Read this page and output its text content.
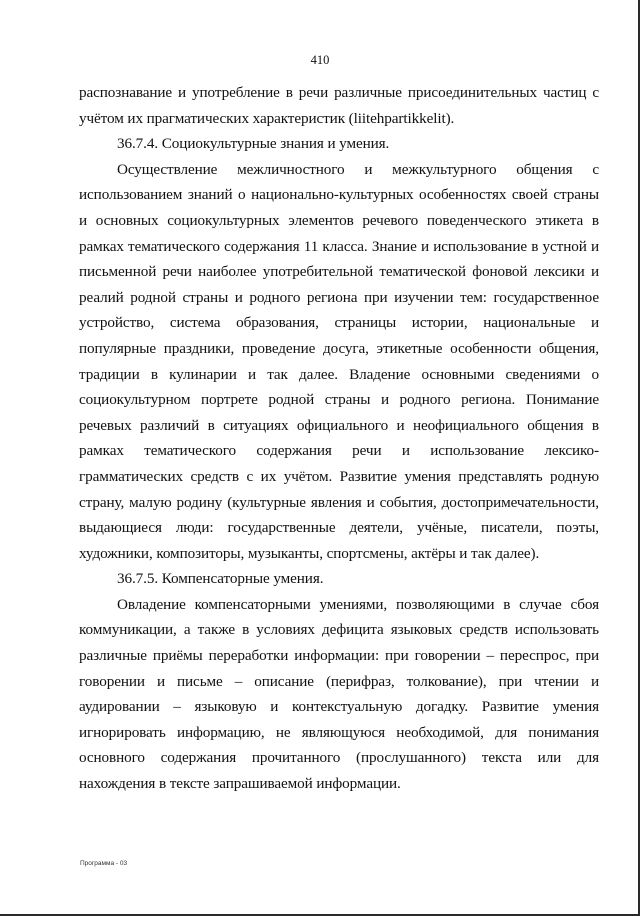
410

распознавание и употребление в речи различные присоединительных частиц с учётом их прагматических характеристик (liitehpartikkelit).

36.7.4. Социокультурные знания и умения.

Осуществление межличностного и межкультурного общения с использованием знаний о национально-культурных особенностях своей страны и основных социокультурных элементов речевого поведенческого этикета в рамках тематического содержания 11 класса. Знание и использование в устной и письменной речи наиболее употребительной тематической фоновой лексики и реалий родной страны и родного региона при изучении тем: государственное устройство, система образования, страницы истории, национальные и популярные праздники, проведение досуга, этикетные особенности общения, традиции в кулинарии и так далее. Владение основными сведениями о социокультурном портрете родной страны и родного региона. Понимание речевых различий в ситуациях официального и неофициального общения в рамках тематического содержания речи и использование лексико-грамматических средств с их учётом. Развитие умения представлять родную страну, малую родину (культурные явления и события, достопримечательности, выдающиеся люди: государственные деятели, учёные, писатели, поэты, художники, композиторы, музыканты, спортсмены, актёры и так далее).

36.7.5. Компенсаторные умения.

Овладение компенсаторными умениями, позволяющими в случае сбоя коммуникации, а также в условиях дефицита языковых средств использовать различные приёмы переработки информации: при говорении – переспрос, при говорении и письме – описание (перифраз, толкование), при чтении и аудировании – языковую и контекстуальную догадку. Развитие умения игнорировать информацию, не являющуюся необходимой, для понимания основного содержания прочитанного (прослушанного) текста или для нахождения в тексте запрашиваемой информации.

Программа - 03
